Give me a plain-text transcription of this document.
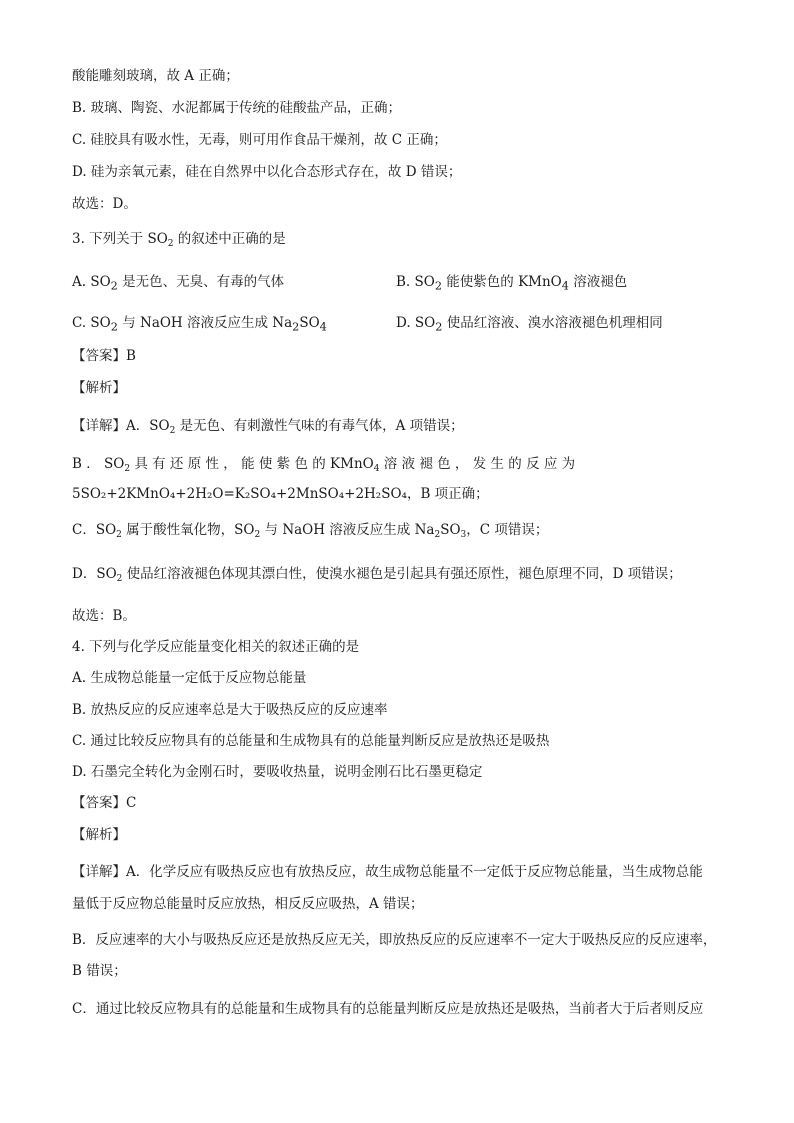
酸能雕刻玻璃，故 A 正确；
B. 玻璃、陶瓷、水泥都属于传统的硅酸盐产品，正确；
C. 硅胶具有吸水性，无毒，则可用作食品干燥剂，故 C 正确；
D. 硅为亲氧元素，硅在自然界中以化合态形式存在，故 D 错误；
故选：D。
3. 下列关于 $SO_2$ 的叙述中正确的是
A. $SO_2$ 是无色、无臭、有毒的气体	B. $SO_2$ 能使紫色的 KMnO$_4$ 溶液褪色
C. $SO_2$ 与 NaOH 溶液反应生成 $Na_2SO_4$	D. $SO_2$ 使品红溶液、溴水溶液褪色机理相同
【答案】B
【解析】
【详解】A．$SO_2$ 是无色、有刺激性气味的有毒气体，A 项错误；
B ． $SO_2$ 具 有 还 原 性 ， 能 使 紫 色 的 KMnO$_4$ 溶 液 褪 色 ， 发 生 的 反 应 为
5SO₂+2KMnO₄+2H₂O=K₂SO₄+2MnSO₄+2H₂SO₄，B 项正确；
C．$SO_2$ 属于酸性氧化物，$SO_2$ 与 NaOH 溶液反应生成 $Na_2SO_3$，C 项错误；
D．$SO_2$ 使品红溶液褪色体现其漂白性，使溴水褪色是引起具有强还原性，褪色原理不同，D 项错误；
故选：B。
4. 下列与化学反应能量变化相关的叙述正确的是
A. 生成物总能量一定低于反应物总能量
B. 放热反应的反应速率总是大于吸热反应的反应速率
C. 通过比较反应物具有的总能量和生成物具有的总能量判断反应是放热还是吸热
D. 石墨完全转化为金刚石时，要吸收热量，说明金刚石比石墨更稳定
【答案】C
【解析】
【详解】A．化学反应有吸热反应也有放热反应，故生成物总能量不一定低于反应物总能量，当生成物总能
量低于反应物总能量时反应放热，相反反应吸热，A 错误；
B．反应速率的大小与吸热反应还是放热反应无关，即放热反应的反应速率不一定大于吸热反应的反应速率，
B 错误；
C．通过比较反应物具有的总能量和生成物具有的总能量判断反应是放热还是吸热，当前者大于后者则反应
